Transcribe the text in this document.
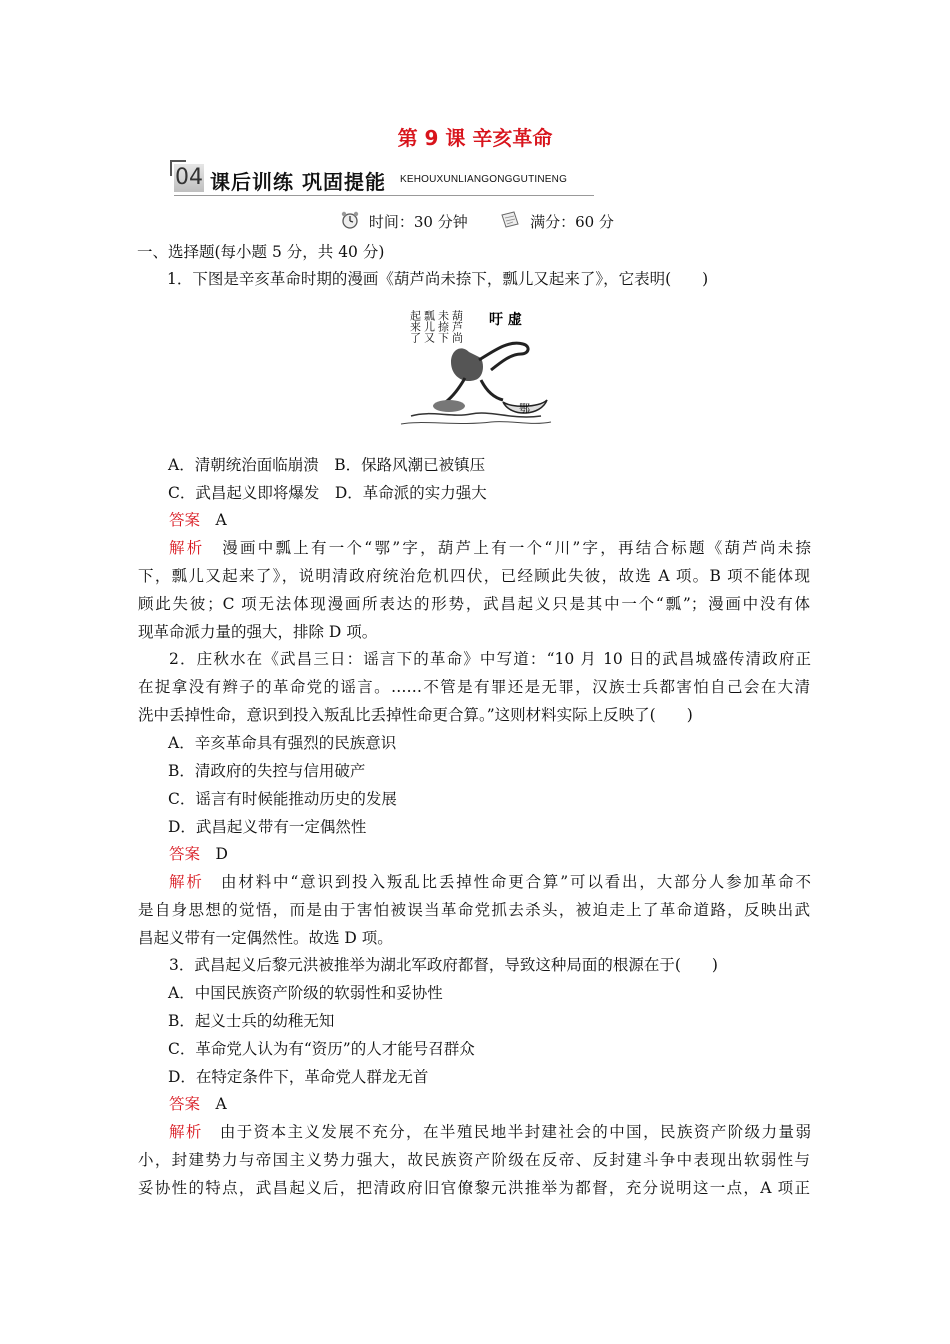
第 9 课 辛亥革命
04 课后训练 巩固提能 KEHOUXUNLIANGONGGUTINENG
时间：30 分钟	满分：60 分
一、选择题(每小题 5 分，共 40 分)
1．下图是辛亥革命时期的漫画《葫芦尚未捺下，瓢儿又起来了》，它表明(　　)
吁 虚
葫芦尚
未捺下
瓢儿又
起来了
鄂
A．清朝统治面临崩溃　B．保路风潮已被镇压
C．武昌起义即将爆发　D．革命派的实力强大
答案　 A
解析　 漫画中瓢上有一个“鄂”字，葫芦上有一个“川”字，再结合标题《葫芦尚未捺
下，瓢儿又起来了》，说明清政府统治危机四伏，已经顾此失彼，故选 A 项。B 项不能体现
顾此失彼；C 项无法体现漫画所表达的形势，武昌起义只是其中一个“瓢”；漫画中没有体
现革命派力量的强大，排除 D 项。
2．庄秋水在《武昌三日：谣言下的革命》中写道：“10 月 10 日的武昌城盛传清政府正
在捉拿没有辫子的革命党的谣言。……不管是有罪还是无罪，汉族士兵都害怕自己会在大清
洗中丢掉性命，意识到投入叛乱比丢掉性命更合算。”这则材料实际上反映了(　　)
A．辛亥革命具有强烈的民族意识
B．清政府的失控与信用破产
C．谣言有时候能推动历史的发展
D．武昌起义带有一定偶然性
答案　 D
解析　 由材料中“意识到投入叛乱比丢掉性命更合算”可以看出，大部分人参加革命不
是自身思想的觉悟，而是由于害怕被误当革命党抓去杀头，被迫走上了革命道路，反映出武
昌起义带有一定偶然性。故选 D 项。
3．武昌起义后黎元洪被推举为湖北军政府都督，导致这种局面的根源在于(　　)
A．中国民族资产阶级的软弱性和妥协性
B．起义士兵的幼稚无知
C．革命党人认为有“资历”的人才能号召群众
D．在特定条件下，革命党人群龙无首
答案　 A
解析　 由于资本主义发展不充分，在半殖民地半封建社会的中国，民族资产阶级力量弱
小，封建势力与帝国主义势力强大，故民族资产阶级在反帝、反封建斗争中表现出软弱性与
妥协性的特点，武昌起义后，把清政府旧官僚黎元洪推举为都督，充分说明这一点，A 项正
